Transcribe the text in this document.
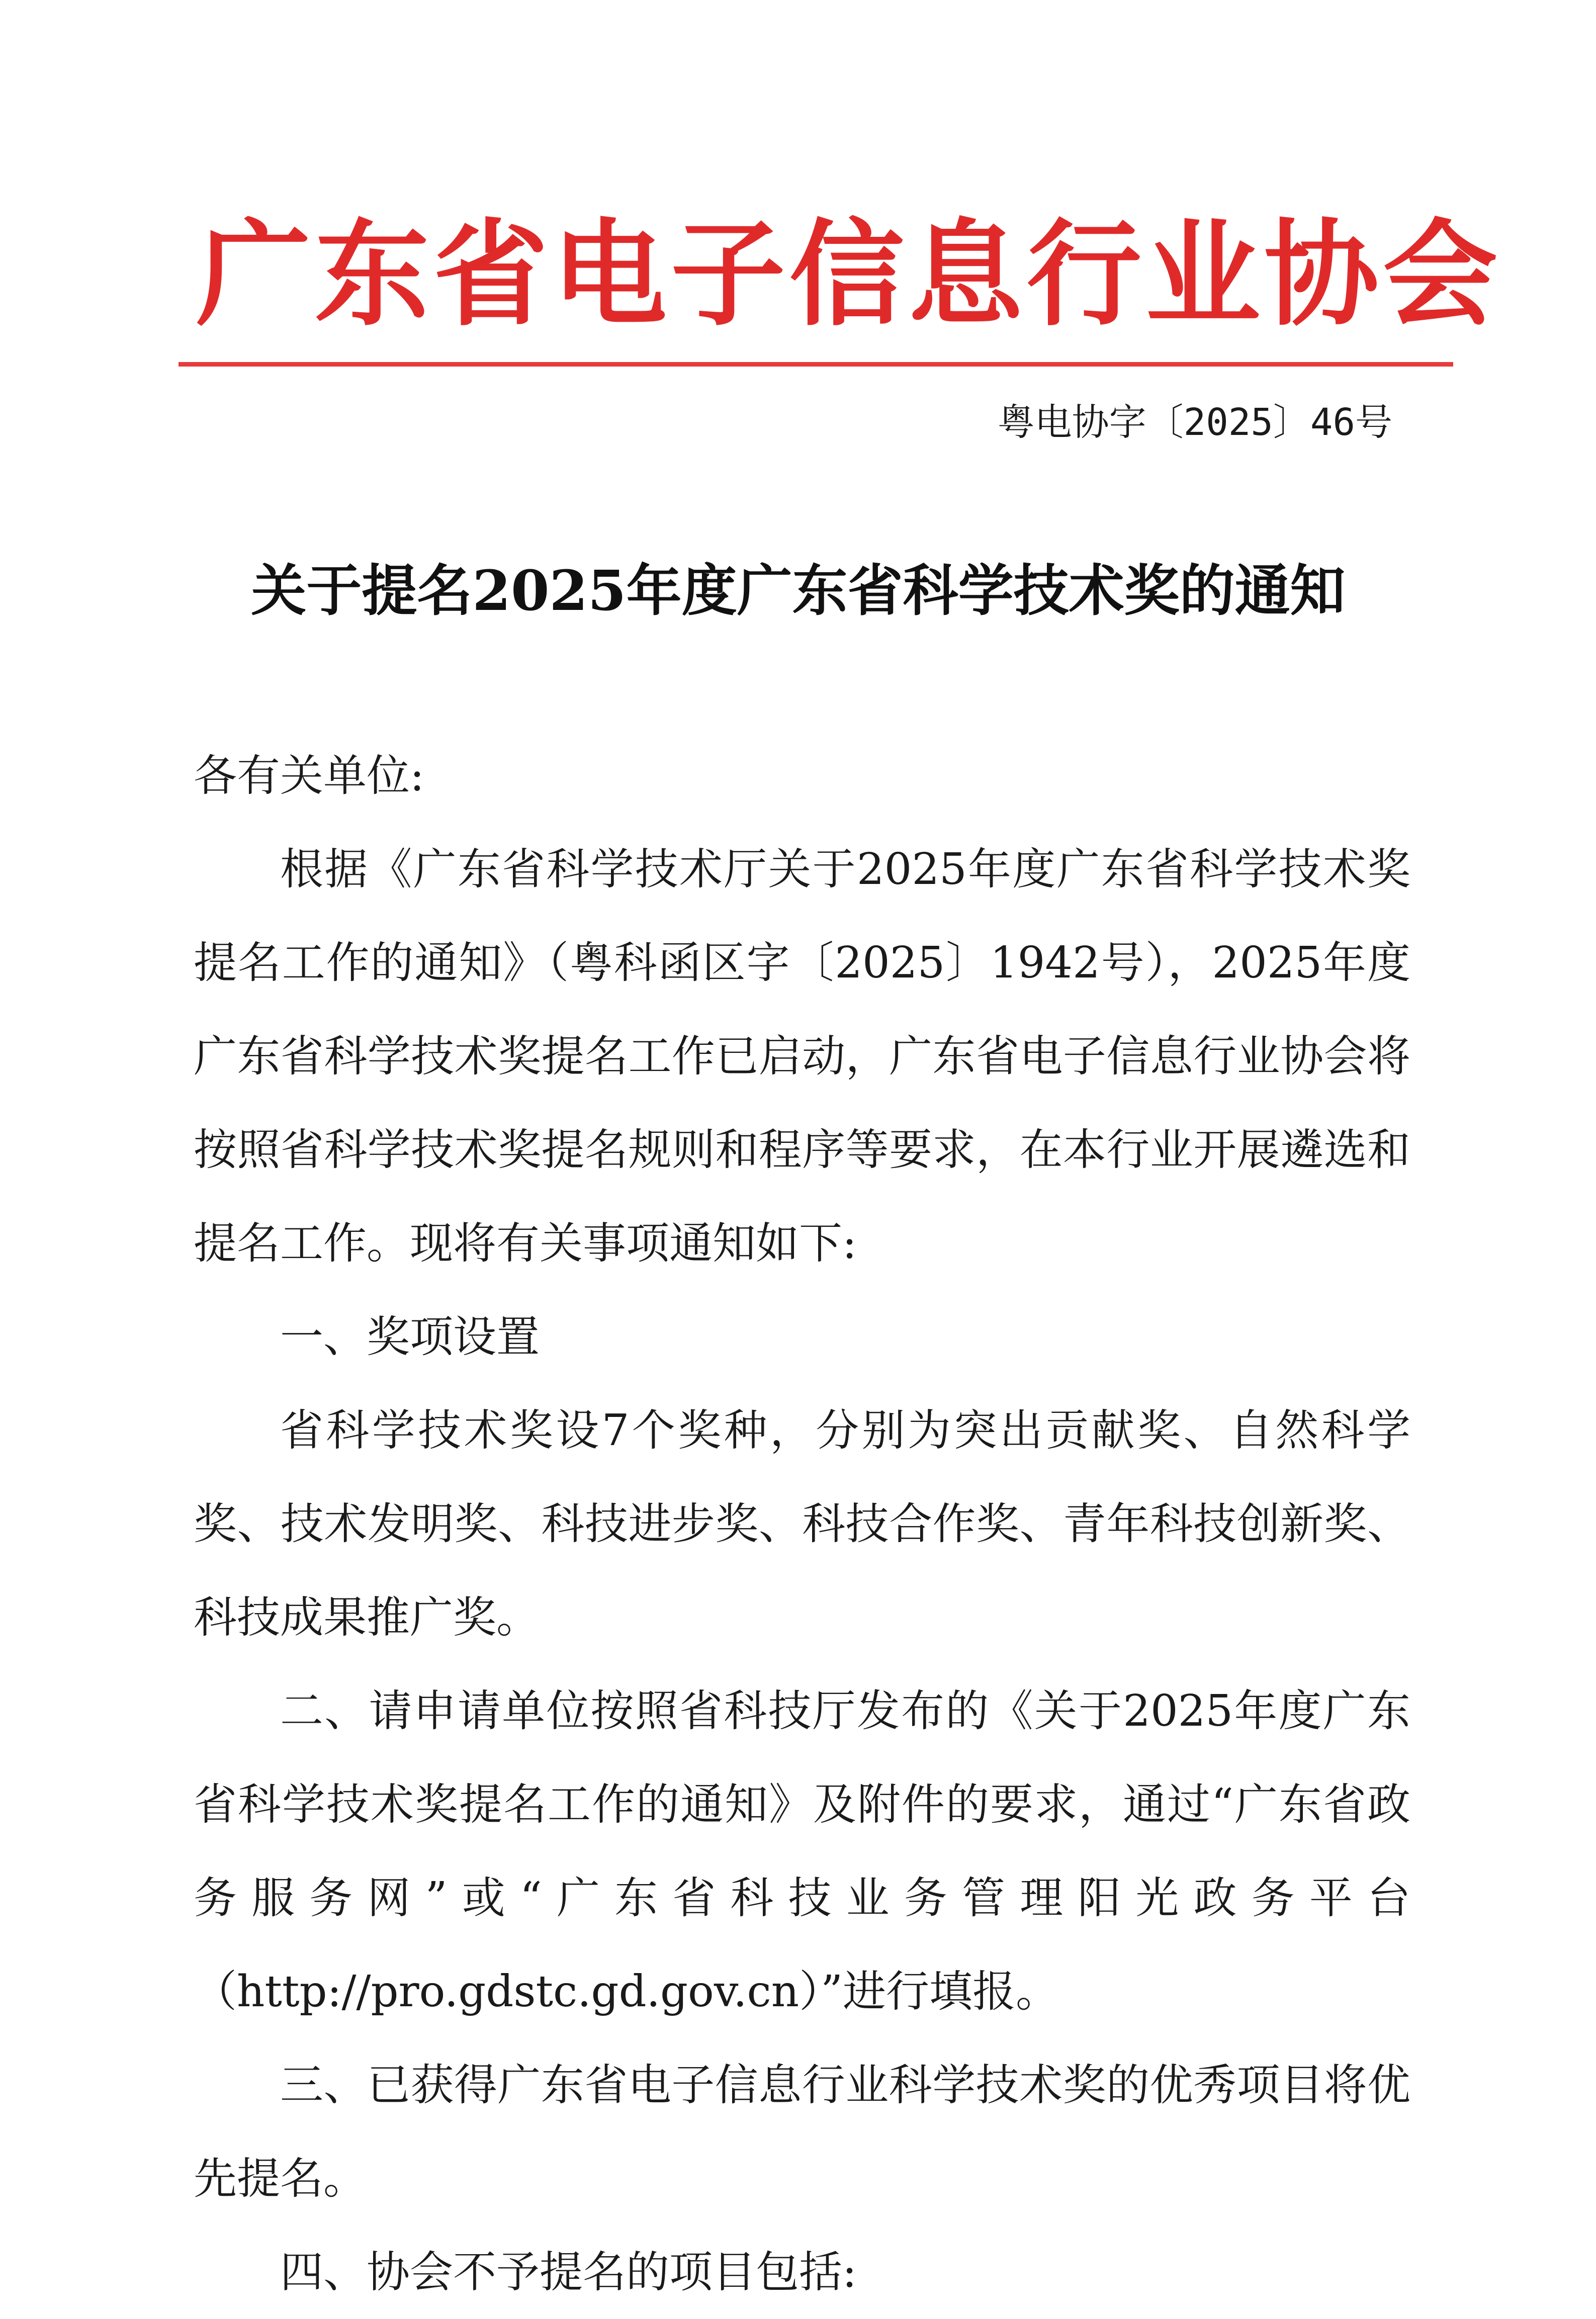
广东省电子信息行业协会
粤电协字〔2025〕46号
关于提名2025年度广东省科学技术奖的通知

各有关单位:

根据《广东省科学技术厅关于2025年度广东省科学技术奖提名工作的通知》（粤科函区字〔2025〕1942号），2025年度广东省科学技术奖提名工作已启动，广东省电子信息行业协会将按照省科学技术奖提名规则和程序等要求，在本行业开展遴选和提名工作。现将有关事项通知如下:

一、奖项设置

省科学技术奖设7个奖种，分别为突出贡献奖、自然科学奖、技术发明奖、科技进步奖、科技合作奖、青年科技创新奖、科技成果推广奖。

二、请申请单位按照省科技厅发布的《关于2025年度广东省科学技术奖提名工作的通知》及附件的要求，通过“广东省政务服务网”或“广东省科技业务管理阳光政务平台（http://pro.gdstc.gd.gov.cn）”进行填报。

三、已获得广东省电子信息行业科学技术奖的优秀项目将优先提名。

四、协会不予提名的项目包括:
